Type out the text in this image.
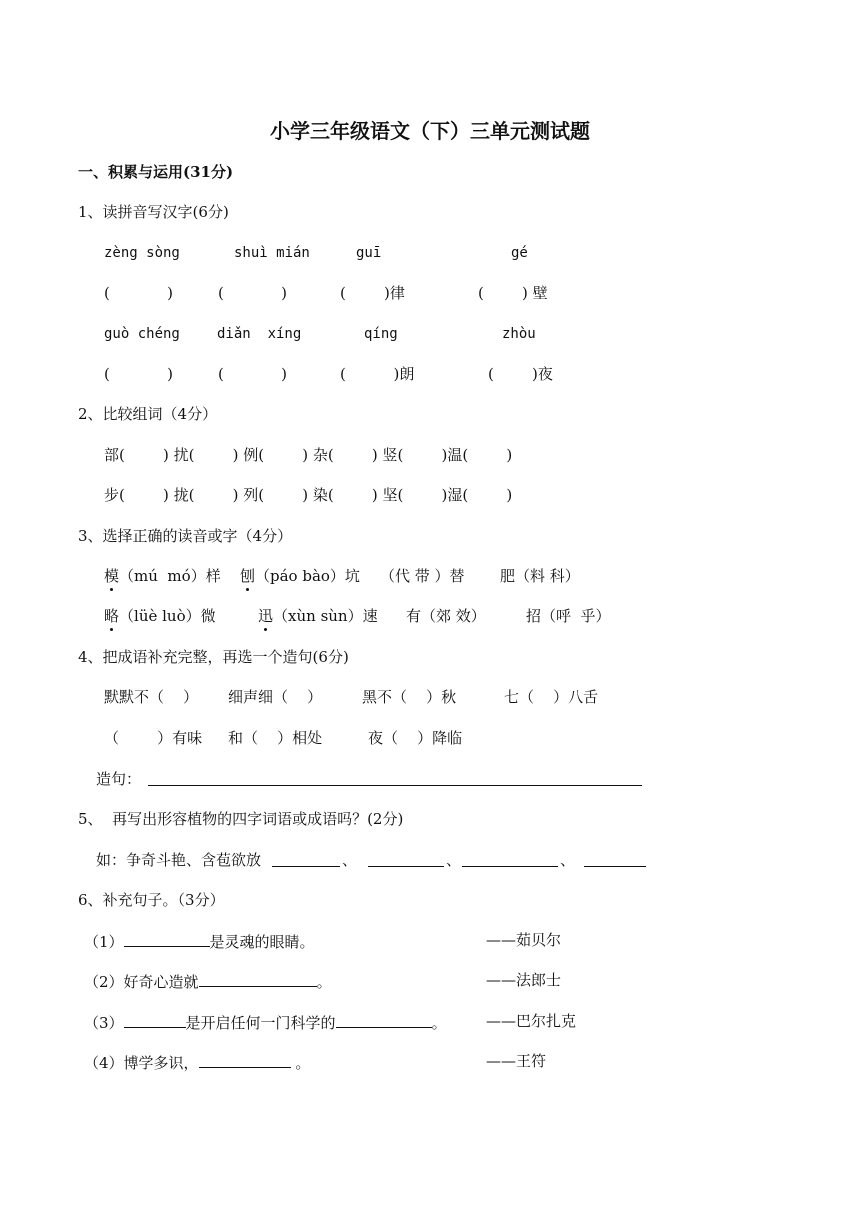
小学三年级语文（下）三单元测试题
一、积累与运用(31分)
1、读拼音写汉字(6分)
zèng sòng	shuì mián	guī	gé
(            )	(            )	(        )律	(        ) 壁
guò chéng	diǎn  xíng	qíng	zhòu
(            )	(            )	(          )朗	(        )夜
2、比较组词（4分）
部(        ) 扰(        ) 例(        ) 杂(        ) 竖(        )温(        )
步(        ) 拢(        ) 列(        ) 染(        ) 坚(        )湿(        )
3、选择正确的读音或字（4分）
模（mú  mó）样 刨（páo bào）坑 （代 带 ）替 肥（料 科）
略（lüè luò）微	迅（xùn sùn）速 有（郊 效）	招（呼  乎）
4、把成语补充完整，再选一个造句(6分)
默默不（    ） 细声细（    ）	黑不（    ）秋	七（    ）八舌
（        ）有味 和（    ）相处	夜（    ）降临
造句：
5、  再写出形容植物的四字词语或成语吗？(2分)
如：争奇斗艳、含苞欲放	、	、	、
6、补充句子。（3分）
（1）	是灵魂的眼睛。	——茹贝尔
（2）好奇心造就	。	——法郎士
（3）	是开启任何一门科学的	。	——巴尔扎克
（4）博学多识，	。	——王符
